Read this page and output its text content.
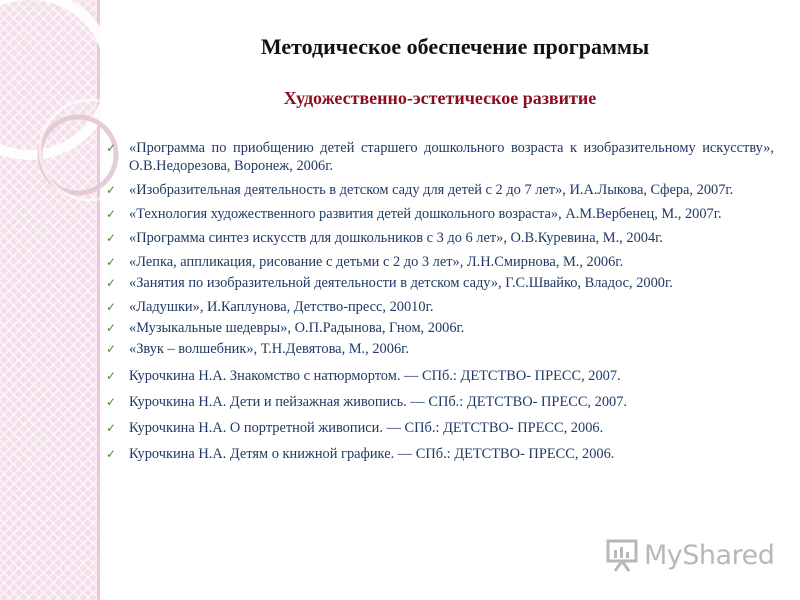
Методическое обеспечение программы
Художественно-эстетическое развитие
✓ «Программа по приобщению детей старшего дошкольного возраста к изобразительному искусству», О.В.Недорезова, Воронеж, 2006г.
✓ «Изобразительная деятельность в детском саду для детей с 2 до 7 лет», И.А.Лыкова, Сфера, 2007г.
✓ «Технология художественного развития детей дошкольного возраста», А.М.Вербенец, М., 2007г.
✓ «Программа синтез искусств для дошкольников с 3 до 6 лет», О.В.Куревина, М., 2004г.
✓ «Лепка, аппликация, рисование с детьми с 2 до 3 лет», Л.Н.Смирнова, М., 2006г.
✓ «Занятия по изобразительной деятельности в детском саду», Г.С.Швайко, Владос, 2000г.
✓ «Ладушки», И.Каплунова, Детство-пресс, 20010г.
✓ «Музыкальные шедевры», О.П.Радынова, Гном, 2006г.
✓ «Звук – волшебник», Т.Н.Девятова, М., 2006г.
✓ Курочкина Н.А. Знакомство с натюрмортом. — СПб.: ДЕТСТВО- ПРЕСС, 2007.
✓ Курочкина Н.А. Дети и пейзажная живопись. — СПб.: ДЕТСТВО- ПРЕСС, 2007.
✓ Курочкина Н.А. О портретной живописи. — СПб.: ДЕТСТВО- ПРЕСС, 2006.
✓ Курочкина Н.А. Детям о книжной графике. — СПб.: ДЕТСТВО- ПРЕСС, 2006.
MyShared
